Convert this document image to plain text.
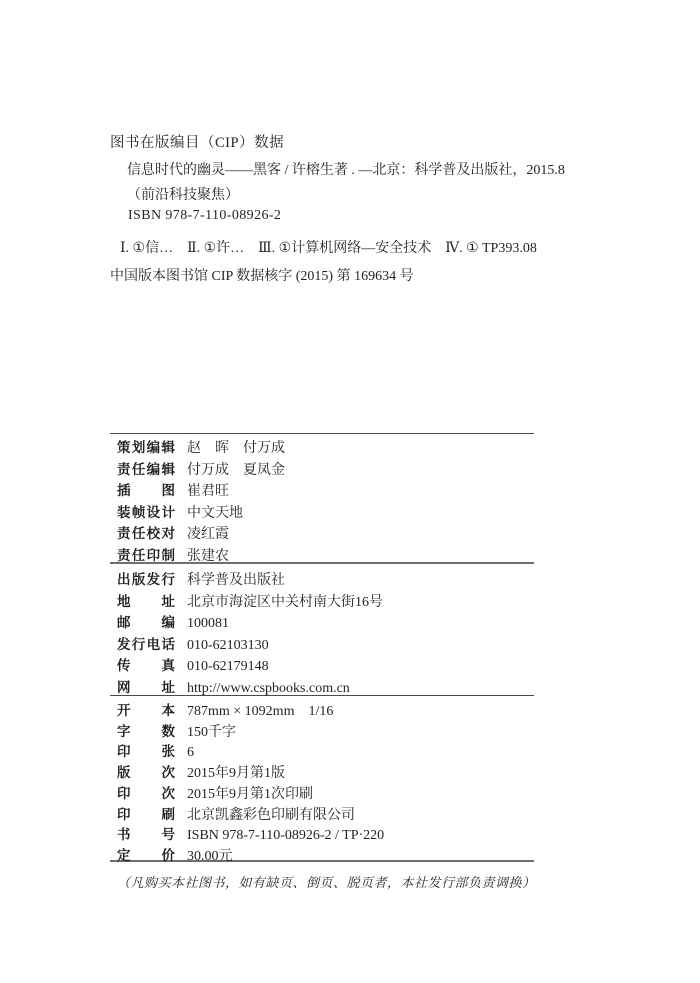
图书在版编目（CIP）数据
信息时代的幽灵——黑客 / 许榕生著 . —北京：科学普及出版社，2015.8
（前沿科技聚焦）
ISBN 978-7-110-08926-2
Ⅰ. ①信…　Ⅱ. ①许…　Ⅲ. ①计算机网络—安全技术　Ⅳ. ① TP393.08
中国版本图书馆 CIP 数据核字 (2015) 第 169634 号
策划编辑 赵　晖　付万成
责任编辑 付万成　夏凤金
插图 崔君旺
装帧设计 中文天地
责任校对 凌红霞
责任印制 张建农
出版发行 科学普及出版社
地址 北京市海淀区中关村南大街16号
邮编 100081
发行电话 010-62103130
传真 010-62179148
网址 http://www.cspbooks.com.cn
开本 787mm × 1092mm　1/16
字数 150千字
印张 6
版次 2015年9月第1版
印次 2015年9月第1次印刷
印刷 北京凯鑫彩色印刷有限公司
书号 ISBN 978-7-110-08926-2 / TP·220
定价 30.00元
（凡购买本社图书，如有缺页、倒页、脱页者，本社发行部负责调换）
